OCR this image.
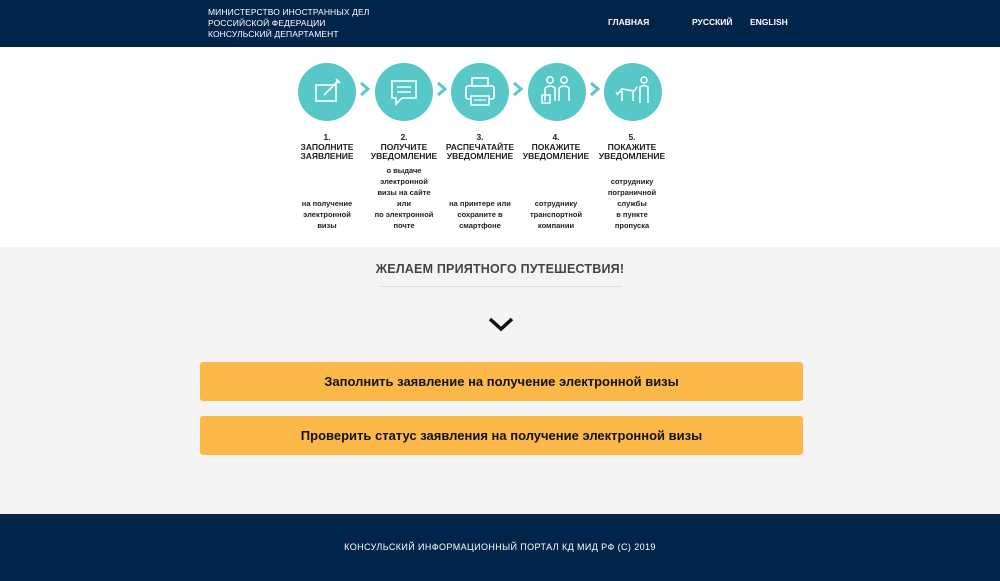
МИНИСТЕРСТВО ИНОСТРАННЫХ ДЕЛ
РОССИЙСКОЙ ФЕДЕРАЦИИ
КОНСУЛЬСКИЙ ДЕПАРТАМЕНТ
ГЛАВНАЯ	РУССКИЙ ENGLISH
1.
ЗАПОЛНИТЕ
ЗАЯВЛЕНИЕ
2.
ПОЛУЧИТЕ
УВЕДОМЛЕНИЕ
3.
РАСПЕЧАТАЙТЕ
УВЕДОМЛЕНИЕ
4.
ПОКАЖИТЕ
УВЕДОМЛЕНИЕ
5.
ПОКАЖИТЕ
УВЕДОМЛЕНИЕ
на получение
электронной
визы
о выдаче
электронной
визы на сайте
или
по электронной
почте
на принтере или
сохраните в
смартфоне
сотруднику
транспортной
компании
сотруднику
пограничной
службы
в пункте
пропуска
ЖЕЛАЕМ ПРИЯТНОГО ПУТЕШЕСТВИЯ!
Заполнить заявление на получение электронной визы
Проверить статус заявления на получение электронной визы
КОНСУЛЬСКИЙ ИНФОРМАЦИОННЫЙ ПОРТАЛ КД МИД РФ (С) 2019
